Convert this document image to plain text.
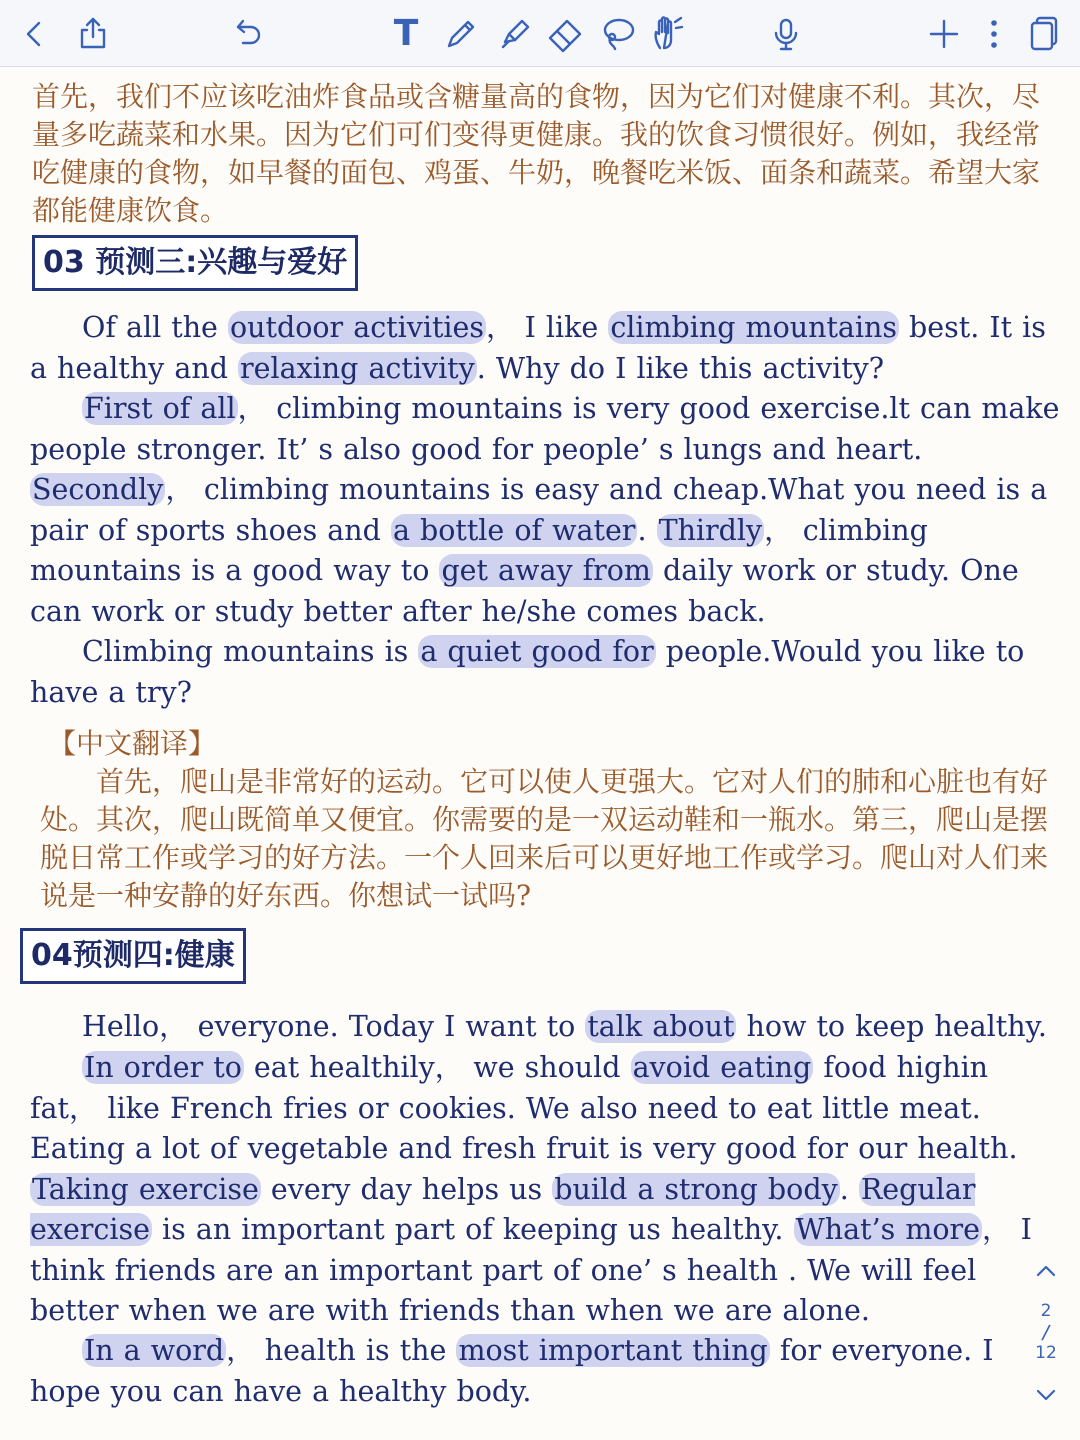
T

首先，我们不应该吃油炸食品或含糖量高的食物，因为它们对健康不利。其次，尽量多吃蔬菜和水果。因为它们可们变得更健康。我的饮食习惯很好。例如，我经常吃健康的食物，如早餐的面包、鸡蛋、牛奶，晚餐吃米饭、面条和蔬菜。希望大家都能健康饮食。

03 预测三:兴趣与爱好

Of all the outdoor activities， I like climbing mountains best. It is a healthy and relaxing activity. Why do I like this activity?

First of all， climbing mountains is very good exercise.lt can make people stronger. It’ s also good for people’ s lungs and heart. Secondly， climbing mountains is easy and cheap.What you need is a pair of sports shoes and a bottle of water. Thirdly， climbing mountains is a good way to get away from daily work or study. One can work or study better after he/she comes back.

Climbing mountains is a quiet good for people.Would you like to have a try?

【中文翻译】

首先，爬山是非常好的运动。它可以使人更强大。它对人们的肺和心脏也有好处。其次，爬山既简单又便宜。你需要的是一双运动鞋和一瓶水。第三，爬山是摆脱日常工作或学习的好方法。一个人回来后可以更好地工作或学习。爬山对人们来说是一种安静的好东西。你想试一试吗?

04预测四:健康

Hello， everyone. Today I want to talk about how to keep healthy.

In order to eat healthily， we should avoid eating food highin fat， like French fries or cookies. We also need to eat little meat. Eating a lot of vegetable and fresh fruit is very good for our health. Taking exercise every day helps us build a strong body. Regular exercise is an important part of keeping us healthy. What’s more， I think friends are an important part of one’ s health . We will feel better when we are with friends than when we are alone.

In a word， health is the most important thing for everyone. I hope you can have a healthy body.

2
/
12
